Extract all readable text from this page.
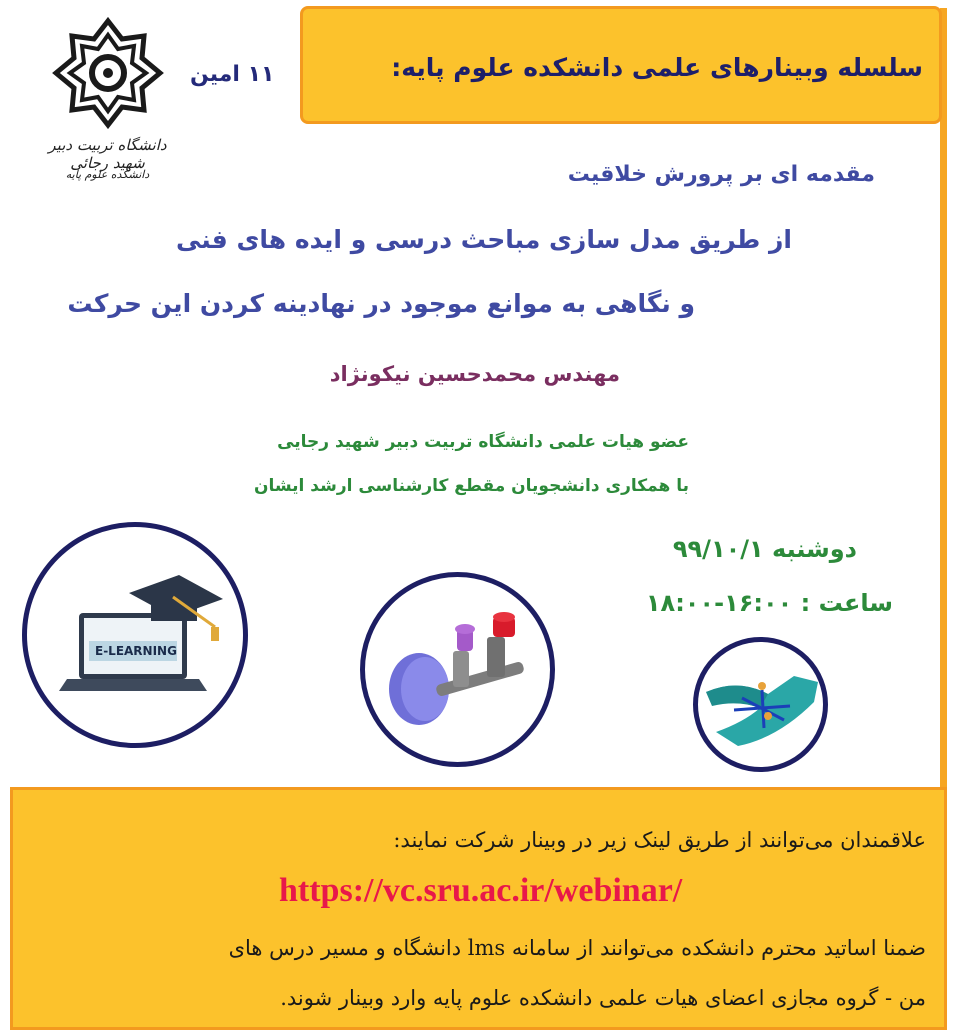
سلسله وبینارهای علمی دانشکده علوم پایه:
۱۱ امین
دانشگاه تربیت دبیر شهید رجائی
دانشکده علوم پایه	مقدمه ای بر پرورش خلاقیت
از طریق مدل سازی مباحث درسی و ایده های فنی
و نگاهی به موانع موجود در نهادینه کردن این حرکت
مهندس محمدحسین نیکونژاد
عضو هیات علمی دانشگاه تربیت دبیر شهید رجایی
با همکاری دانشجویان مقطع کارشناسی ارشد ایشان
دوشنبه ۹۹/۱۰/۱
ساعت : ۱۶:۰۰-۱۸:۰۰
E-LEARNING
علاقمندان می‌توانند از طریق لینک زیر در وبینار شرکت نمایند:
https://vc.sru.ac.ir/webinar/
ضمنا اساتید محترم دانشکده می‌توانند از سامانه lms دانشگاه و مسیر درس های
من - گروه مجازی اعضای هیات علمی دانشکده علوم پایه وارد وبینار شوند.
